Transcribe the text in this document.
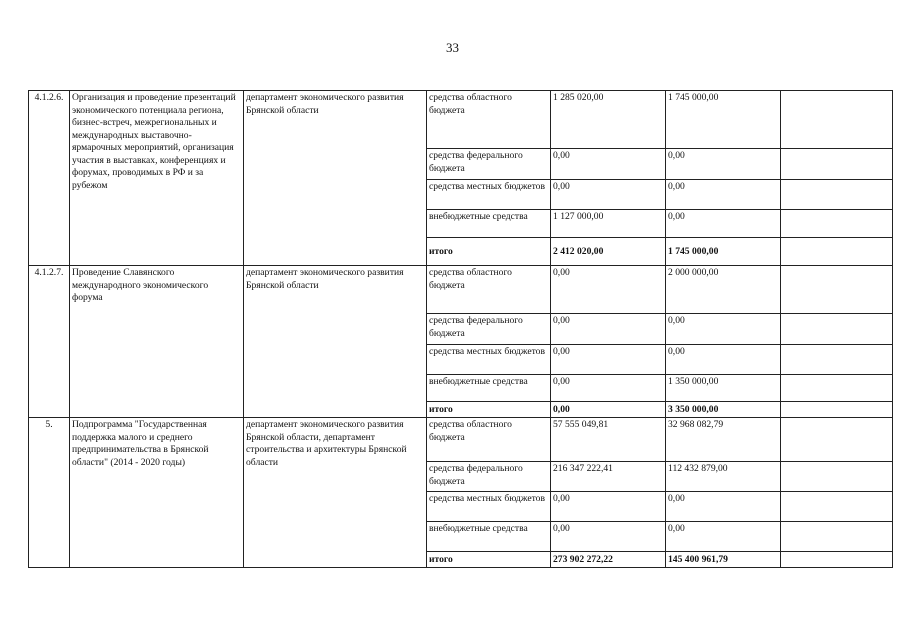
33
4.1.2.6.	Организация и проведение презентаций экономического потенциала региона, бизнес-встреч, межрегиональных и международных выставочно-ярмарочных мероприятий, организация участия в выставках, конференциях и форумах, проводимых в РФ и за рубежом	департамент экономического развития Брянской области	средства областного бюджета	1 285 020,00	1 745 000,00	
			средства федерального бюджета	0,00	0,00	
			средства местных бюджетов	0,00	0,00	
			внебюджетные средства	1 127 000,00	0,00	
			итого	2 412 020,00	1 745 000,00	
4.1.2.7.	Проведение Славянского международного экономического форума	департамент экономического развития Брянской области	средства областного бюджета	0,00	2 000 000,00	
			средства федерального бюджета	0,00	0,00	
			средства местных бюджетов	0,00	0,00	
			внебюджетные средства	0,00	1 350 000,00	
			итого	0,00	3 350 000,00	
5.	Подпрограмма "Государственная поддержка малого и среднего предпринимательства в Брянской области" (2014 - 2020 годы)	департамент экономического развития Брянской области, департамент строительства и архитектуры Брянской области	средства областного бюджета	57 555 049,81	32 968 082,79	
			средства федерального бюджета	216 347 222,41	112 432 879,00	
			средства местных бюджетов	0,00	0,00	
			внебюджетные средства	0,00	0,00	
			итого	273 902 272,22	145 400 961,79	
